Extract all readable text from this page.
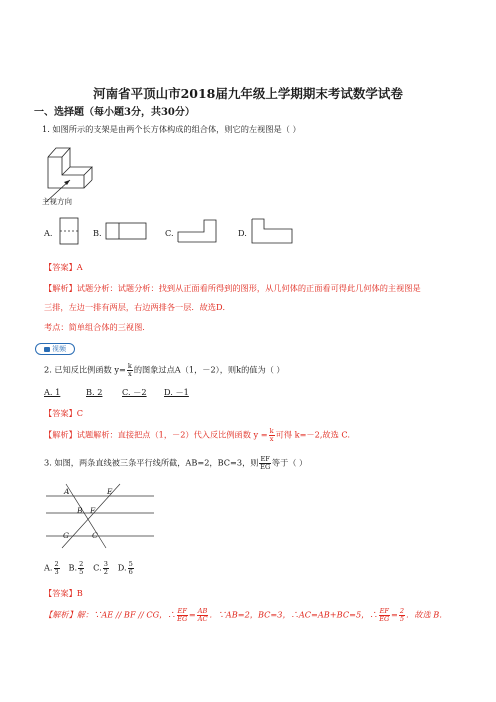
河南省平顶山市2018届九年级上学期期末考试数学试卷
一、选择题（每小题3分，共30分）
1. 如图所示的支架是由两个长方体构成的组合体，则它的左视图是（ ）
主视方向
A.	B.	C.	D.
【答案】A
【解析】试题分析：试题分析：找到从正面看所得到的图形，从几何体的正面看可得此几何体的主视图是
三排，左边一排有两层，右边两排各一层．故选D．
考点：简单组合体的三视图．
视频
2. 已知反比例函数 $y= \frac{k}{x}$ 的图象过点A（1，－2），则k的值为（ ）
A. 1	B. 2 C. －2 D. －1
【答案】C
【解析】试题解析：直接把点（1，－2）代入反比例函数 $y = \frac{k}{x}$ 可得 k=－2,故选 C.
3. 如图，两条直线被三条平行线所截，AB=2，BC=3，则 $\frac{EF}{EG}$ 等于（ ）
A	E
B F
G	C
A. $\frac{2}{3} B$. $\frac{2}{5} C$. $\frac{3}{2} D$. $\frac{5}{6}$
【答案】B
【解析】解：∵AE // BF // CG，∴ $\frac{EF}{EG} = \frac{AB}{AC}$ ．∵AB=2，BC=3，∴AC=AB+BC=5，∴ $\frac{EF}{EG} = \frac{2}{5}$ ．故选 B．
